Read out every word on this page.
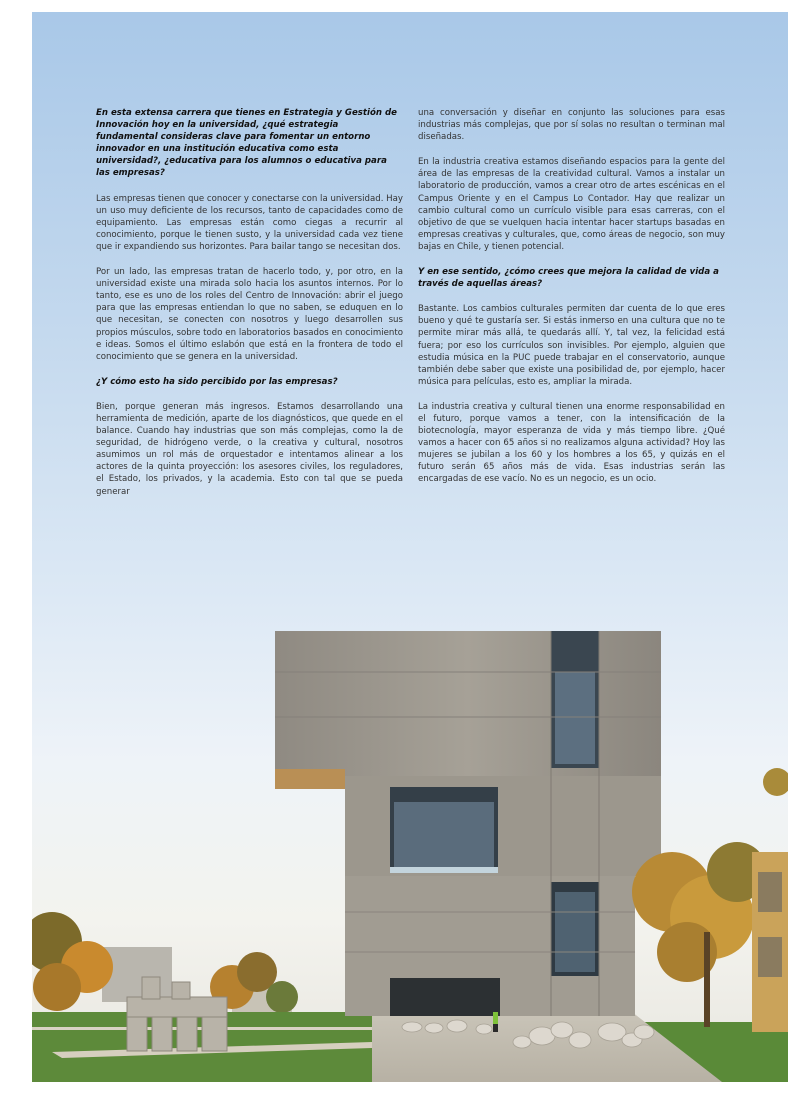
En esta extensa carrera que tienes en Estrategia y Gestión de Innovación hoy en la universidad, ¿qué estrategia fundamental consideras clave para fomentar un entorno innovador en una institución educativa como esta universidad?, ¿educativa para los alumnos o educativa para las empresas?
Las empresas tienen que conocer y conectarse con la universidad. Hay un uso muy deficiente de los recursos, tanto de capacidades como de equipamiento. Las empresas están como ciegas a recurrir al conocimiento, porque le tienen susto, y la universidad cada vez tiene que ir expandiendo sus horizontes. Para bailar tango se necesitan dos.
Por un lado, las empresas tratan de hacerlo todo, y, por otro, en la universidad existe una mirada solo hacia los asuntos internos. Por lo tanto, ese es uno de los roles del Centro de Innovación: abrir el juego para que las empresas entiendan lo que no saben, se eduquen en lo que necesitan, se conecten con nosotros y luego desarrollen sus propios músculos, sobre todo en laboratorios basados en conocimiento e ideas. Somos el último eslabón que está en la frontera de todo el conocimiento que se genera en la universidad.
¿Y cómo esto ha sido percibido por las empresas?
Bien, porque generan más ingresos. Estamos desarrollando una herramienta de medición, aparte de los diagnósticos, que quede en el balance. Cuando hay industrias que son más complejas, como la de seguridad, de hidrógeno verde, o la creativa y cultural, nosotros asumimos un rol más de orquestador e intentamos alinear a los actores de la quinta proyección: los asesores civiles, los reguladores, el Estado, los privados, y la academia. Esto con tal que se pueda generar
una conversación y diseñar en conjunto las soluciones para esas industrias más complejas, que por sí solas no resultan o terminan mal diseñadas.
En la industria creativa estamos diseñando espacios para la gente del área de las empresas de la creatividad cultural. Vamos a instalar un laboratorio de producción, vamos a crear otro de artes escénicas en el Campus Oriente y en el Campus Lo Contador. Hay que realizar un cambio cultural como un currículo visible para esas carreras, con el objetivo de que se vuelquen hacia intentar hacer startups basadas en empresas creativas y culturales, que, como áreas de negocio, son muy bajas en Chile, y tienen potencial.
Y en ese sentido, ¿cómo crees que mejora la calidad de vida a través de aquellas áreas?
Bastante. Los cambios culturales permiten dar cuenta de lo que eres bueno y qué te gustaría ser. Si estás inmerso en una cultura que no te permite mirar más allá, te quedarás allí. Y, tal vez, la felicidad está fuera; por eso los currículos son invisibles. Por ejemplo, alguien que estudia música en la PUC puede trabajar en el conservatorio, aunque también debe saber que existe una posibilidad de, por ejemplo, hacer música para películas, esto es, ampliar la mirada.
La industria creativa y cultural tienen una enorme responsabilidad en el futuro, porque vamos a tener, con la intensificación de la biotecnología, mayor esperanza de vida y más tiempo libre. ¿Qué vamos a hacer con 65 años si no realizamos alguna actividad? Hoy las mujeres se jubilan a los 60 y los hombres a los 65, y quizás en el futuro serán 65 años más de vida. Esas industrias serán las encargadas de ese vacío. No es un negocio, es un ocio.
